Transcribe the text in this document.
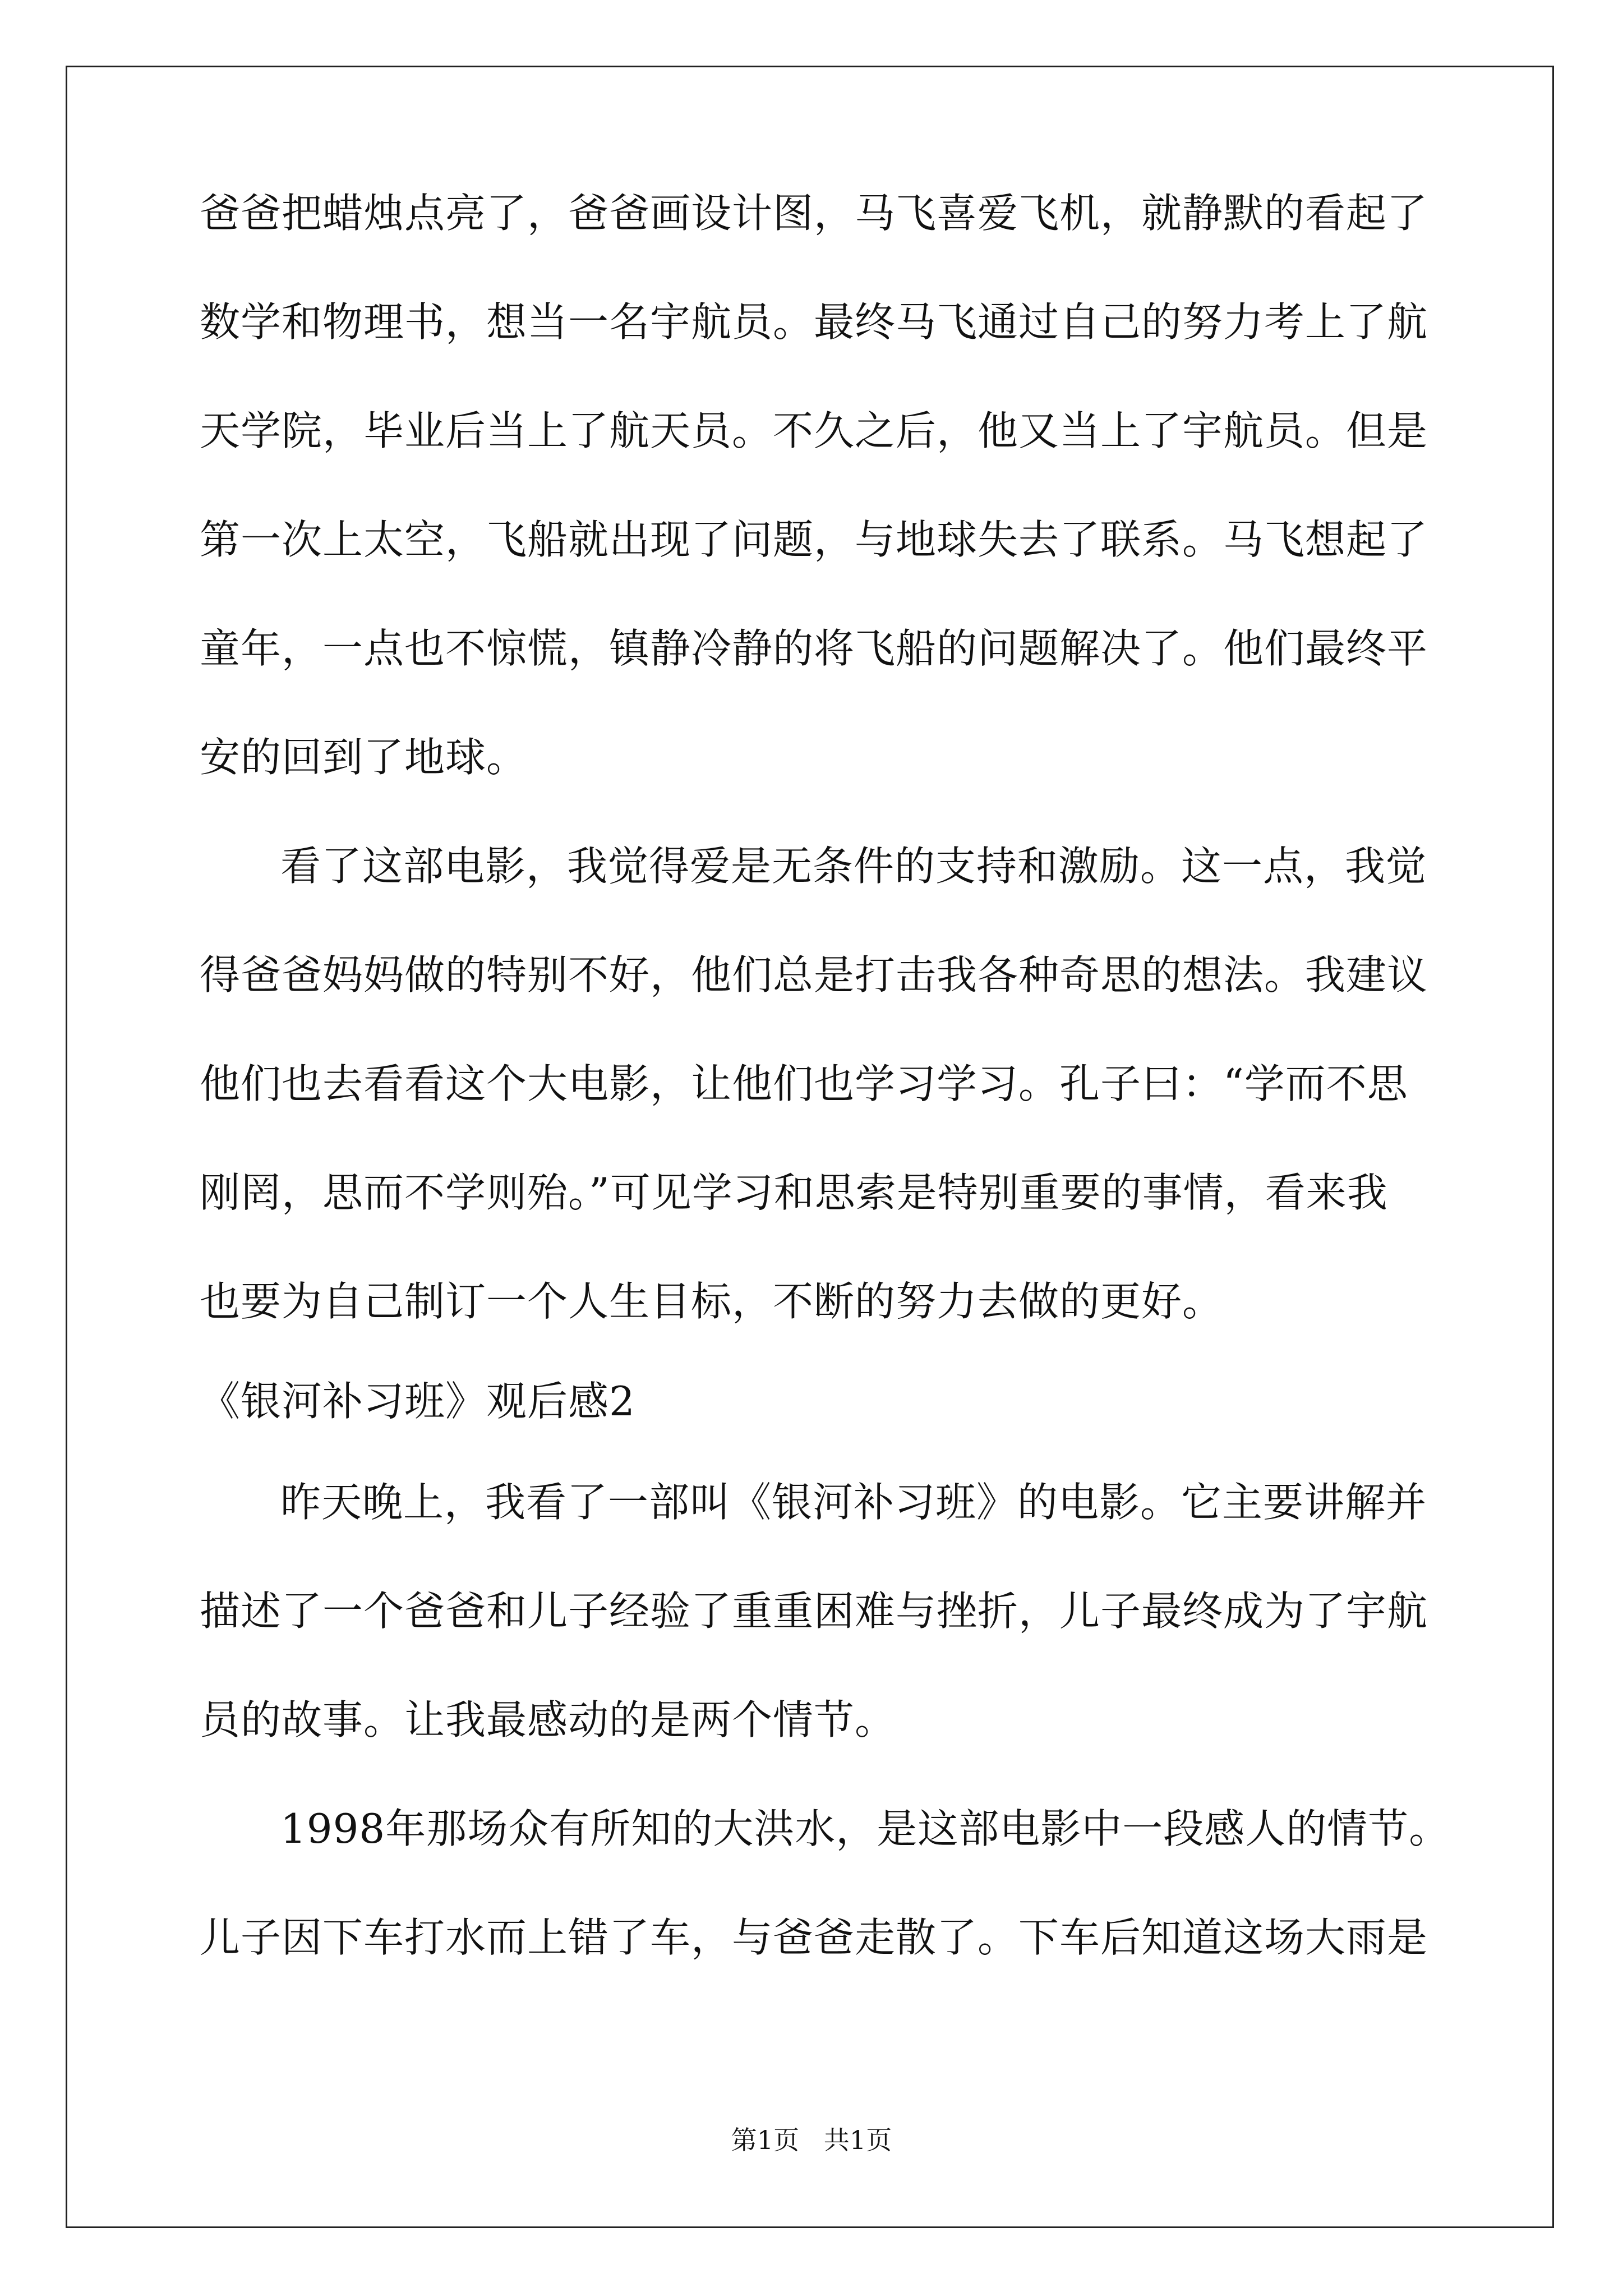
爸爸把蜡烛点亮了，爸爸画设计图，马飞喜爱飞机，就静默的看起了
数学和物理书，想当一名宇航员。最终马飞通过自己的努力考上了航
天学院，毕业后当上了航天员。不久之后，他又当上了宇航员。但是
第一次上太空，飞船就出现了问题，与地球失去了联系。马飞想起了
童年，一点也不惊慌，镇静冷静的将飞船的问题解决了。他们最终平
安的回到了地球。
看了这部电影，我觉得爱是无条件的支持和激励。这一点，我觉
得爸爸妈妈做的特别不好，他们总是打击我各种奇思的想法。我建议
他们也去看看这个大电影，让他们也学习学习。孔子曰：“学而不思
刚罔，思而不学则殆。”可见学习和思索是特别重要的事情，看来我
也要为自己制订一个人生目标，不断的努力去做的更好。
《银河补习班》观后感2
昨天晚上，我看了一部叫《银河补习班》的电影。它主要讲解并
描述了一个爸爸和儿子经验了重重困难与挫折，儿子最终成为了宇航
员的故事。让我最感动的是两个情节。
1998年那场众有所知的大洪水，是这部电影中一段感人的情节。
儿子因下车打水而上错了车，与爸爸走散了。下车后知道这场大雨是
第1页   共1页
